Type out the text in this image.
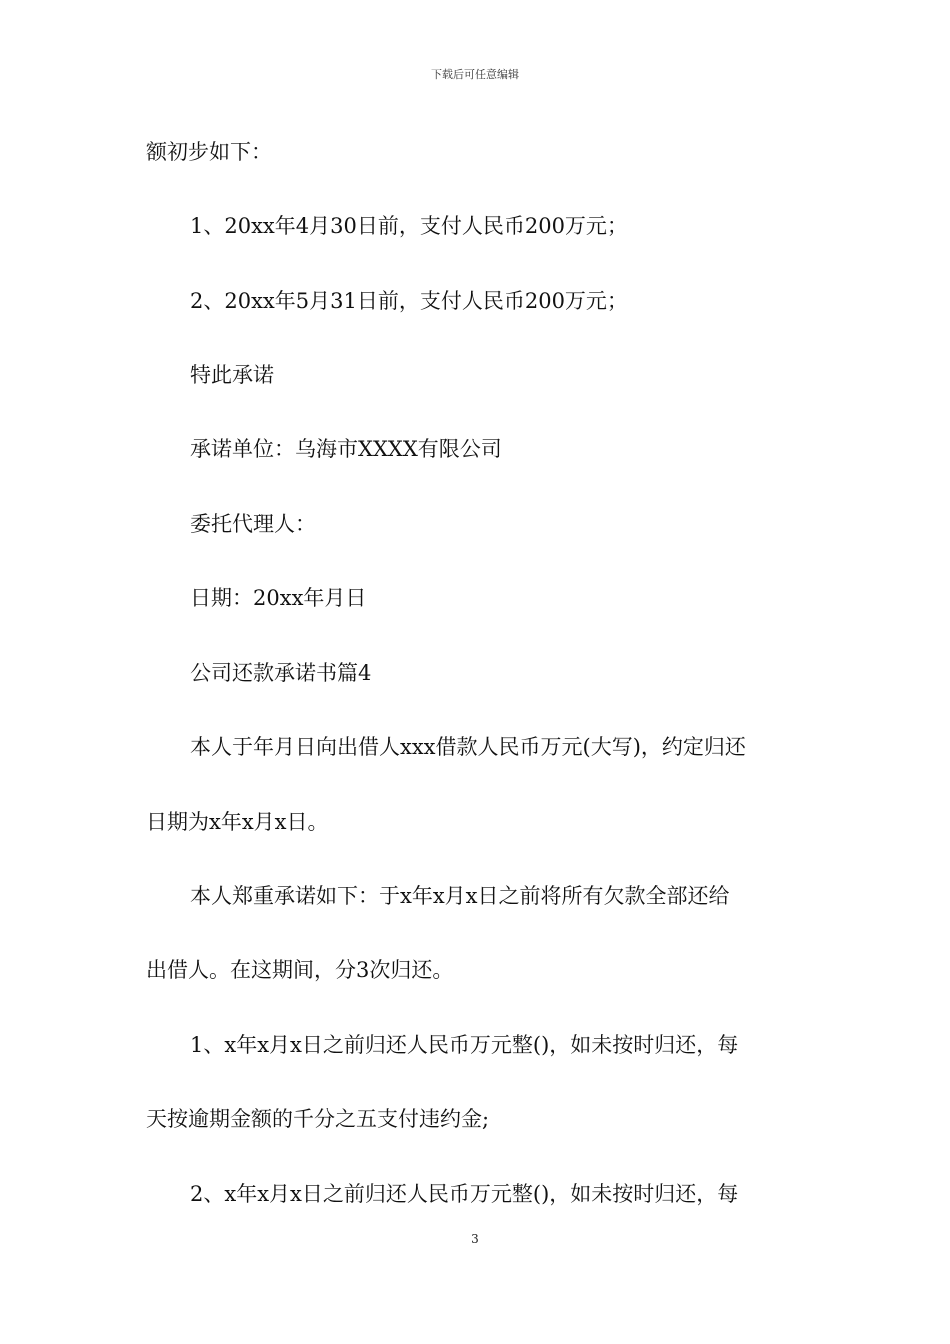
下载后可任意编辑
额初步如下：
1、20xx年4月30日前，支付人民币200万元；
2、20xx年5月31日前，支付人民币200万元；
特此承诺
承诺单位：乌海市XXXX有限公司
委托代理人：
日期：20xx年月日
公司还款承诺书篇4
本人于年月日向出借人xxx借款人民币万元(大写)，约定归还
日期为x年x月x日。
本人郑重承诺如下：于x年x月x日之前将所有欠款全部还给
出借人。在这期间，分3次归还。
1、x年x月x日之前归还人民币万元整()，如未按时归还，每
天按逾期金额的千分之五支付违约金;
2、x年x月x日之前归还人民币万元整()，如未按时归还，每
3
